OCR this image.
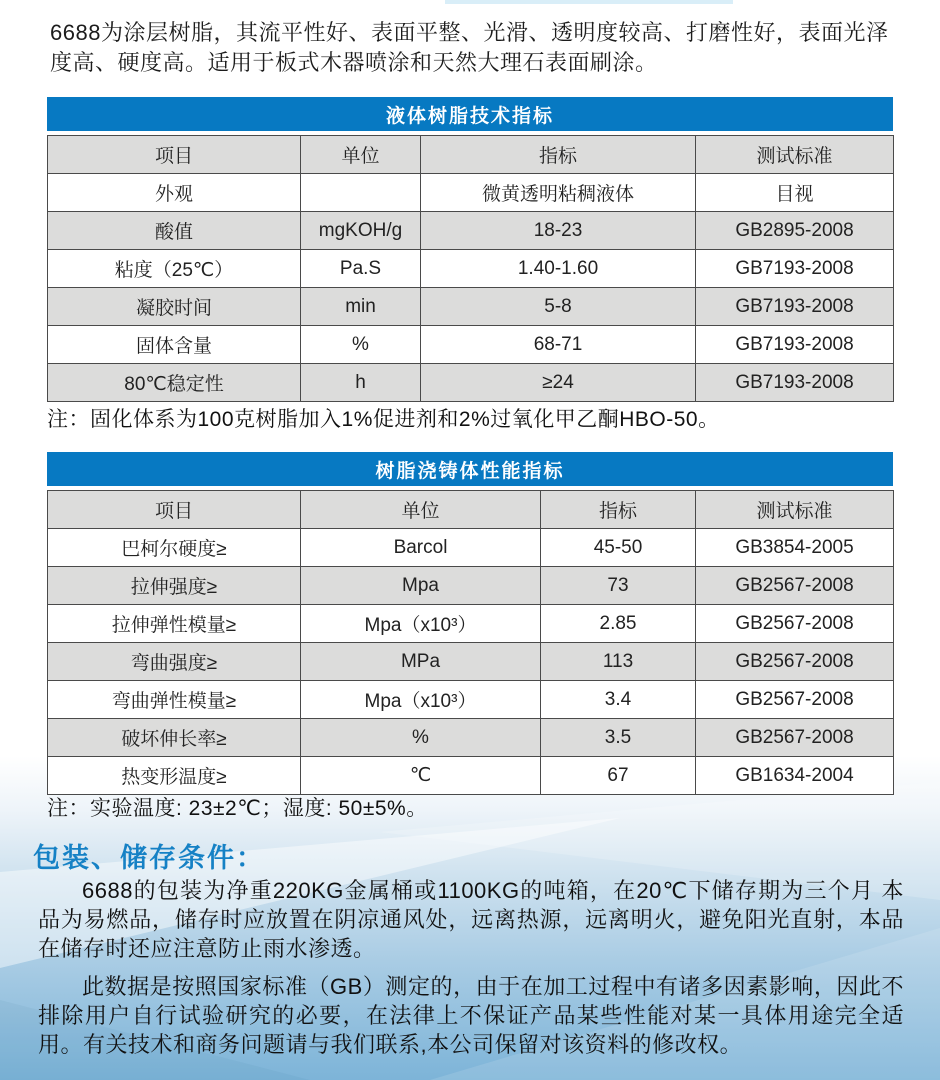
6688为涂层树脂，其流平性好、表面平整、光滑、透明度较高、打磨性好，表面光泽度高、硬度高。适用于板式木器喷涂和天然大理石表面刷涂。
液体树脂技术指标
项目	单位	指标	测试标准
外观		微黄透明粘稠液体	目视
酸值	mgKOH/g	18-23	GB2895-2008
粘度（25℃）	Pa.S	1.40-1.60	GB7193-2008
凝胶时间	min	5-8	GB7193-2008
固体含量	%	68-71	GB7193-2008
80℃稳定性	h	≥24	GB7193-2008
注：固化体系为100克树脂加入1%促进剂和2%过氧化甲乙酮HBO-50。
树脂浇铸体性能指标
项目	单位	指标	测试标准
巴柯尔硬度≥	Barcol	45-50	GB3854-2005
拉伸强度≥	Mpa	73	GB2567-2008
拉伸弹性模量≥	Mpa（x10³）	2.85	GB2567-2008
弯曲强度≥	MPa	113	GB2567-2008
弯曲弹性模量≥	Mpa（x10³）	3.4	GB2567-2008
破坏伸长率≥	%	3.5	GB2567-2008
热变形温度≥	℃	67	GB1634-2004
注：实验温度: 23±2℃；湿度: 50±5%。
包装、储存条件：
6688的包装为净重220KG金属桶或1100KG的吨箱，在20℃下储存期为三个月 本品为易燃品，储存时应放置在阴凉通风处，远离热源，远离明火，避免阳光直射，本品在储存时还应注意防止雨水渗透。
此数据是按照国家标准（GB）测定的，由于在加工过程中有诸多因素影响，因此不排除用户自行试验研究的必要，在法律上不保证产品某些性能对某一具体用途完全适用。有关技术和商务问题请与我们联系,本公司保留对该资料的修改权。
